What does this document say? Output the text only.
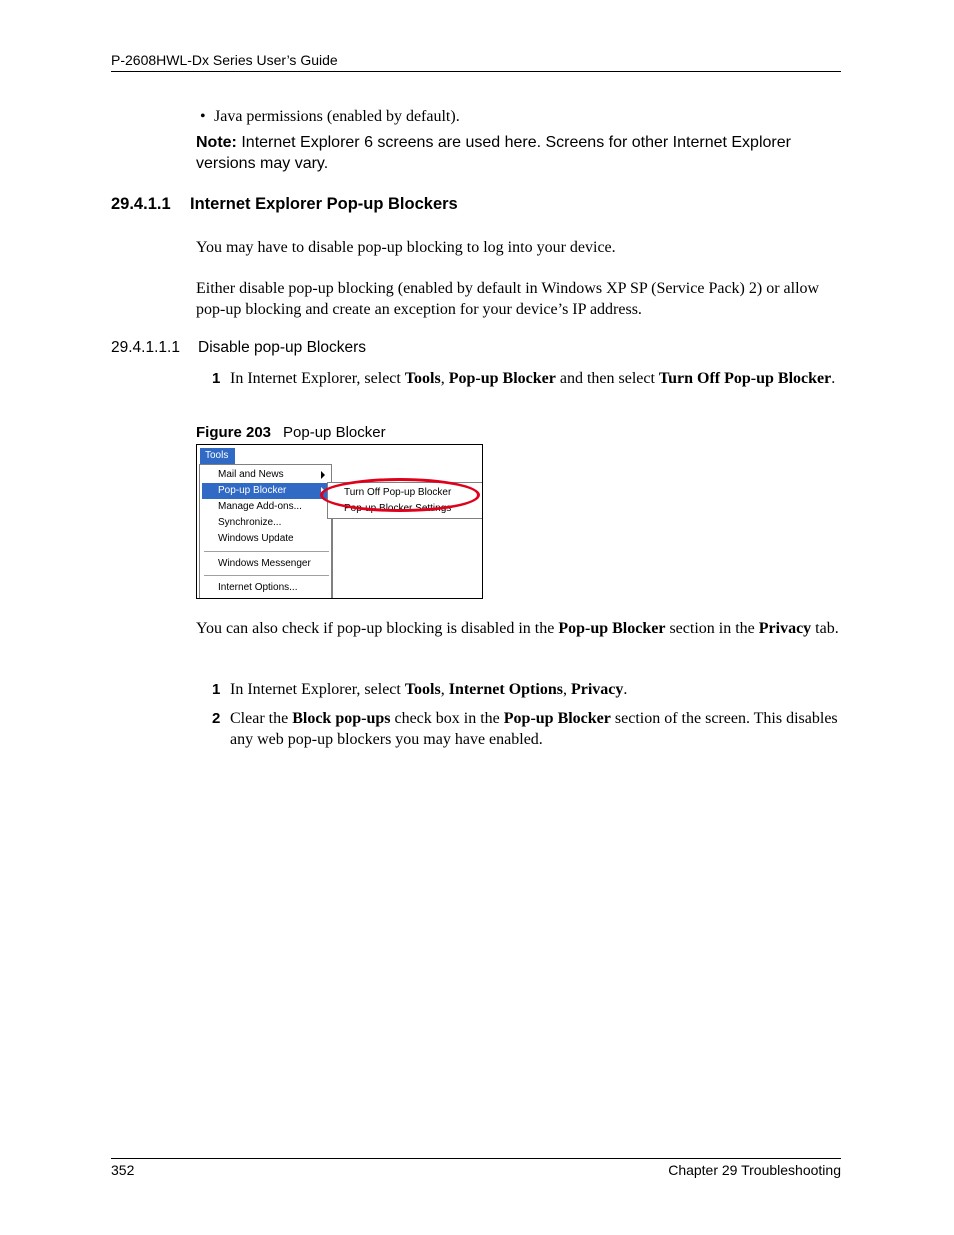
P-2608HWL-Dx Series User’s Guide
• Java permissions (enabled by default).
Note: Internet Explorer 6 screens are used here. Screens for other Internet Explorer versions may vary.
29.4.1.1 Internet Explorer Pop-up Blockers
You may have to disable pop-up blocking to log into your device.
Either disable pop-up blocking (enabled by default in Windows XP SP (Service Pack) 2) or allow pop-up blocking and create an exception for your device’s IP address.
29.4.1.1.1 Disable pop-up Blockers
1 In Internet Explorer, select Tools, Pop-up Blocker and then select Turn Off Pop-up Blocker.
Figure 203 Pop-up Blocker
Tools
Mail and News
Pop-up Blocker
Manage Add-ons...
Synchronize...
Windows Update
Windows Messenger
Internet Options...
Turn Off Pop-up Blocker
Pop-up Blocker Settings
You can also check if pop-up blocking is disabled in the Pop-up Blocker section in the Privacy tab.
1 In Internet Explorer, select Tools, Internet Options, Privacy.
2 Clear the Block pop-ups check box in the Pop-up Blocker section of the screen. This disables any web pop-up blockers you may have enabled.
352	Chapter 29 Troubleshooting
